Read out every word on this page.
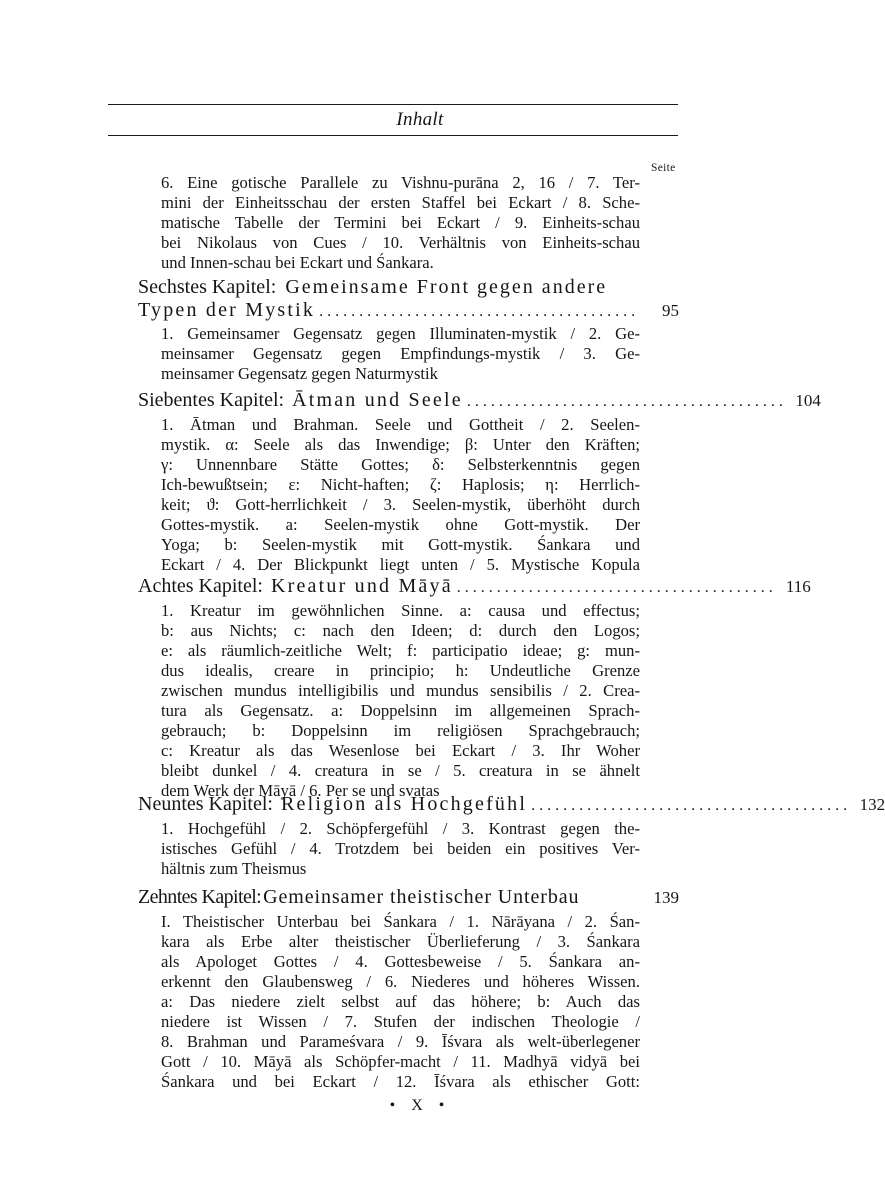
Inhalt
Seite
6. Eine gotische Parallele zu Vishnu-purāna 2, 16 / 7. Ter-
mini der Einheitsschau der ersten Staffel bei Eckart / 8. Sche-
matische Tabelle der Termini bei Eckart / 9. Einheits-schau
bei Nikolaus von Cues / 10. Verhältnis von Einheits-schau
und Innen-schau bei Eckart und Śankara.
Sechstes Kapitel: Gemeinsame Front gegen andere
Typen der Mystik ........................................	95
1. Gemeinsamer Gegensatz gegen Illuminaten-mystik / 2. Ge-
meinsamer Gegensatz gegen Empfindungs-mystik / 3. Ge-
meinsamer Gegensatz gegen Naturmystik
Siebentes Kapitel: Ātman und Seele ........................................ 104
1. Ātman und Brahman. Seele und Gottheit / 2. Seelen-
mystik. α: Seele als das Inwendige; β: Unter den Kräften;
γ: Unnennbare Stätte Gottes; δ: Selbsterkenntnis gegen
Ich-bewußtsein; ε: Nicht-haften; ζ: Haplosis; η: Herrlich-
keit; ϑ: Gott-herrlichkeit / 3. Seelen-mystik, überhöht durch
Gottes-mystik. a: Seelen-mystik ohne Gott-mystik. Der
Yoga; b: Seelen-mystik mit Gott-mystik. Śankara und
Eckart / 4. Der Blickpunkt liegt unten / 5. Mystische Kopula
Achtes Kapitel: Kreatur und Māyā ........................................ 116
1. Kreatur im gewöhnlichen Sinne. a: causa und effectus;
b: aus Nichts; c: nach den Ideen; d: durch den Logos;
e: als räumlich-zeitliche Welt; f: participatio ideae; g: mun-
dus idealis, creare in principio; h: Undeutliche Grenze
zwischen mundus intelligibilis und mundus sensibilis / 2. Crea-
tura als Gegensatz. a: Doppelsinn im allgemeinen Sprach-
gebrauch; b: Doppelsinn im religiösen Sprachgebrauch;
c: Kreatur als das Wesenlose bei Eckart / 3. Ihr Woher
bleibt dunkel / 4. creatura in se / 5. creatura in se ähnelt
dem Werk der Māyā / 6. Per se und svatas
Neuntes Kapitel: Religion als Hochgefühl ........................................ 132
1. Hochgefühl / 2. Schöpfergefühl / 3. Kontrast gegen the-
istisches Gefühl / 4. Trotzdem bei beiden ein positives Ver-
hältnis zum Theismus
Zehntes Kapitel: Gemeinsamer theistischer Unterbau	139
I. Theistischer Unterbau bei Śankara / 1. Nārāyana / 2. Śan-
kara als Erbe alter theistischer Überlieferung / 3. Śankara
als Apologet Gottes / 4. Gottesbeweise / 5. Śankara an-
erkennt den Glaubensweg / 6. Niederes und höheres Wissen.
a: Das niedere zielt selbst auf das höhere; b: Auch das
niedere ist Wissen / 7. Stufen der indischen Theologie /
8. Brahman und Parameśvara / 9. Īśvara als welt-überlegener
Gott / 10. Māyā als Schöpfer-macht / 11. Madhyā vidyā bei
Śankara und bei Eckart / 12. Īśvara als ethischer Gott:
• X •
